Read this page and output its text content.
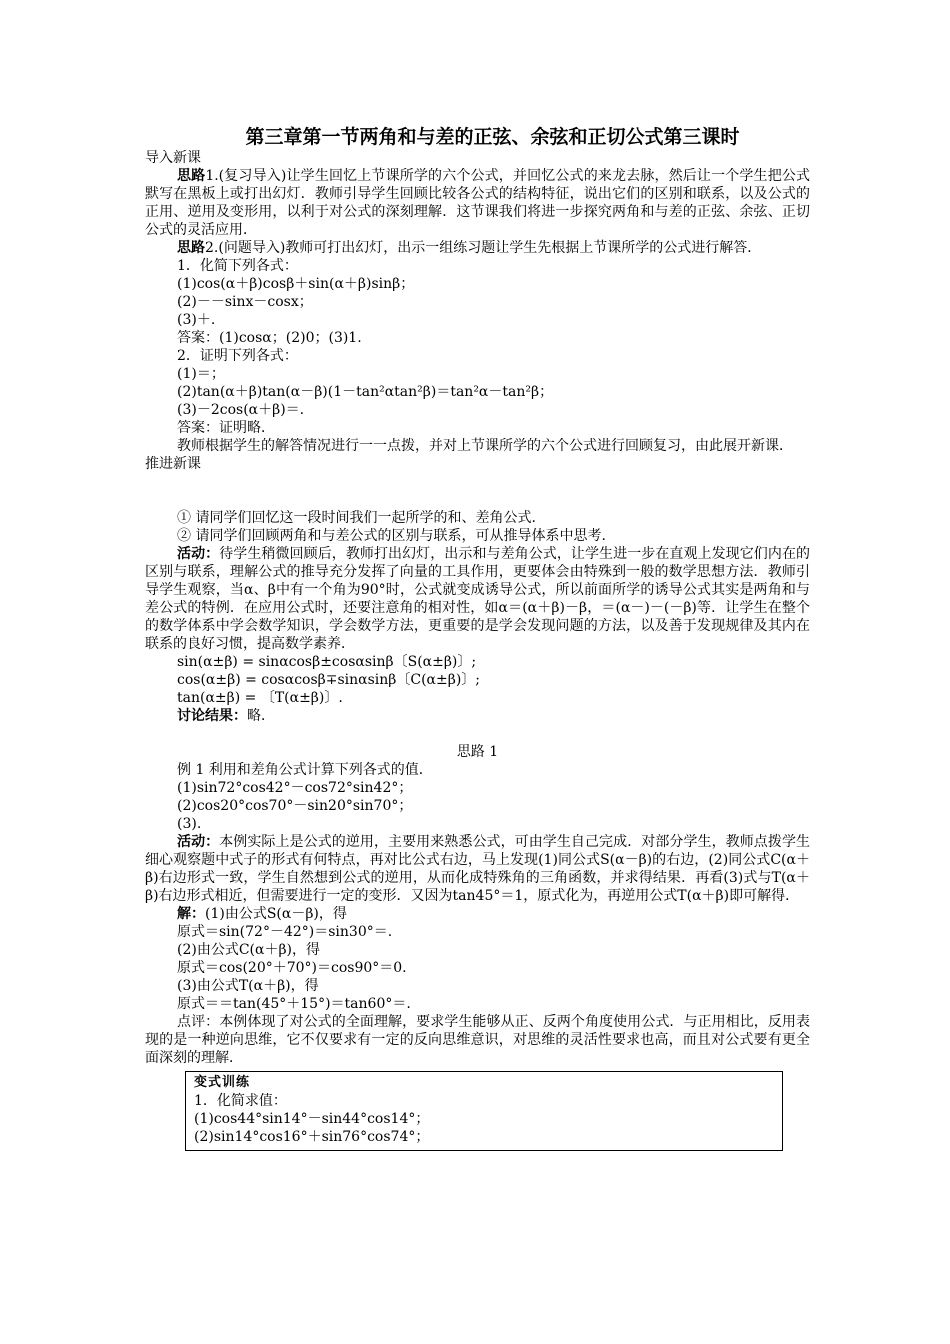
第三章第一节两角和与差的正弦、余弦和正切公式第三课时

导入新课

思路1.(复习导入)让学生回忆上节课所学的六个公式，并回忆公式的来龙去脉，然后让一个学生把公式默写在黑板上或打出幻灯．教师引导学生回顾比较各公式的结构特征，说出它们的区别和联系，以及公式的正用、逆用及变形用，以利于对公式的深刻理解．这节课我们将进一步探究两角和与差的正弦、余弦、正切公式的灵活应用．

思路2.(问题导入)教师可打出幻灯，出示一组练习题让学生先根据上节课所学的公式进行解答．

1．化简下列各式：

(1)cos(α＋β)cosβ＋sin(α＋β)sinβ；

(2)－－sinx－cosx；

(3)＋.

答案：(1)cosα；(2)0；(3)1.

2．证明下列各式：

(1)＝；

(2)tan(α＋β)tan(α－β)(1－tan²αtan²β)＝tan²α－tan²β；

(3)－2cos(α＋β)＝.

答案：证明略．

教师根据学生的解答情况进行一一点拨，并对上节课所学的六个公式进行回顾复习，由此展开新课．

推进新课

① 请同学们回忆这一段时间我们一起所学的和、差角公式.

② 请同学们回顾两角和与差公式的区别与联系，可从推导体系中思考.

活动：待学生稍微回顾后，教师打出幻灯，出示和与差角公式，让学生进一步在直观上发现它们内在的区别与联系，理解公式的推导充分发挥了向量的工具作用，更要体会由特殊到一般的数学思想方法．教师引导学生观察，当α、β中有一个角为90°时，公式就变成诱导公式，所以前面所学的诱导公式其实是两角和与差公式的特例．在应用公式时，还要注意角的相对性，如α＝(α＋β)－β，＝(α－)－(－β)等．让学生在整个的数学体系中学会数学知识，学会数学方法，更重要的是学会发现问题的方法，以及善于发现规律及其内在联系的良好习惯，提高数学素养．

sin(α±β) = sinαcosβ±cosαsinβ〔S(α±β)〕;

cos(α±β) = cosαcosβ∓sinαsinβ〔C(α±β)〕;

tan(α±β) = 〔T(α±β)〕.

讨论结果：略．

思路 1

例 1 利用和差角公式计算下列各式的值．

(1)sin72°cos42°－cos72°sin42°；

(2)cos20°cos70°－sin20°sin70°；

(3).

活动：本例实际上是公式的逆用，主要用来熟悉公式，可由学生自己完成．对部分学生，教师点拨学生细心观察题中式子的形式有何特点，再对比公式右边，马上发现(1)同公式S(α－β)的右边，(2)同公式C(α＋β)右边形式一致，学生自然想到公式的逆用，从而化成特殊角的三角函数，并求得结果．再看(3)式与T(α＋β)右边形式相近，但需要进行一定的变形．又因为tan45°＝1，原式化为，再逆用公式T(α＋β)即可解得．

解：(1)由公式S(α－β)，得

原式＝sin(72°－42°)＝sin30°＝.

(2)由公式C(α＋β)，得

原式＝cos(20°＋70°)＝cos90°＝0.

(3)由公式T(α＋β)，得

原式＝＝tan(45°＋15°)＝tan60°＝.

点评：本例体现了对公式的全面理解，要求学生能够从正、反两个角度使用公式．与正用相比，反用表现的是一种逆向思维，它不仅要求有一定的反向思维意识，对思维的灵活性要求也高，而且对公式要有更全面深刻的理解．

变式训练

1．化简求值：

(1)cos44°sin14°－sin44°cos14°；

(2)sin14°cos16°＋sin76°cos74°；
